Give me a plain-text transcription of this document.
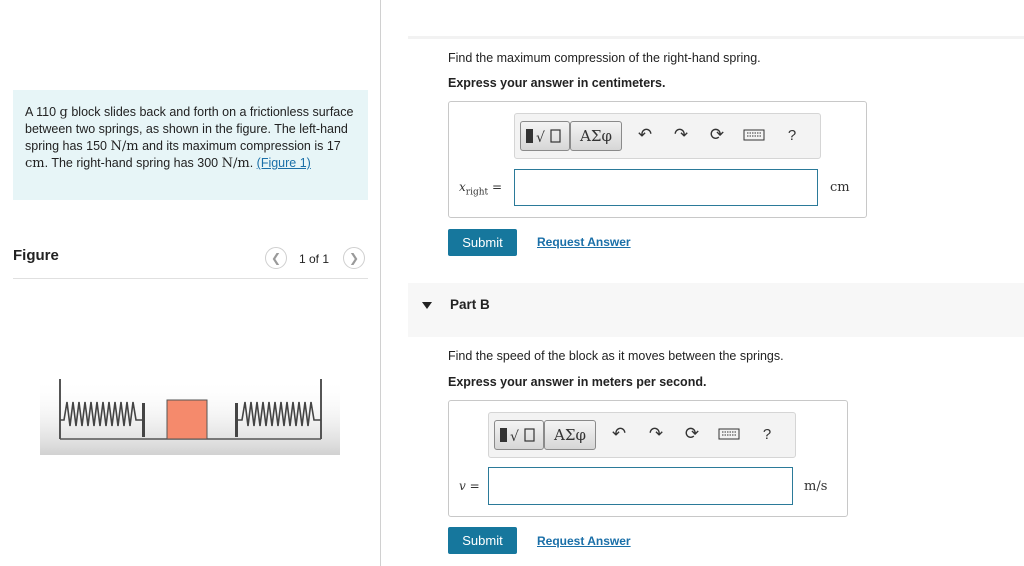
A 110 g block slides back and forth on a frictionless surface between two springs, as shown in the figure. The left-hand spring has 150 N/m and its maximum compression is 17 cm. The right-hand spring has 300 N/m. (Figure 1)
Figure	❮ 1 of 1 ❯
Find the maximum compression of the right-hand spring.
Express your answer in centimeters.
√	ΑΣφ	↶ ↷ ⟳	?
$x_{right}$ =	cm
Submit	Request Answer
Part B
Find the speed of the block as it moves between the springs.
Express your answer in meters per second.
√	ΑΣφ	↶ ↷ ⟳	?
v =	m/s
Submit	Request Answer
